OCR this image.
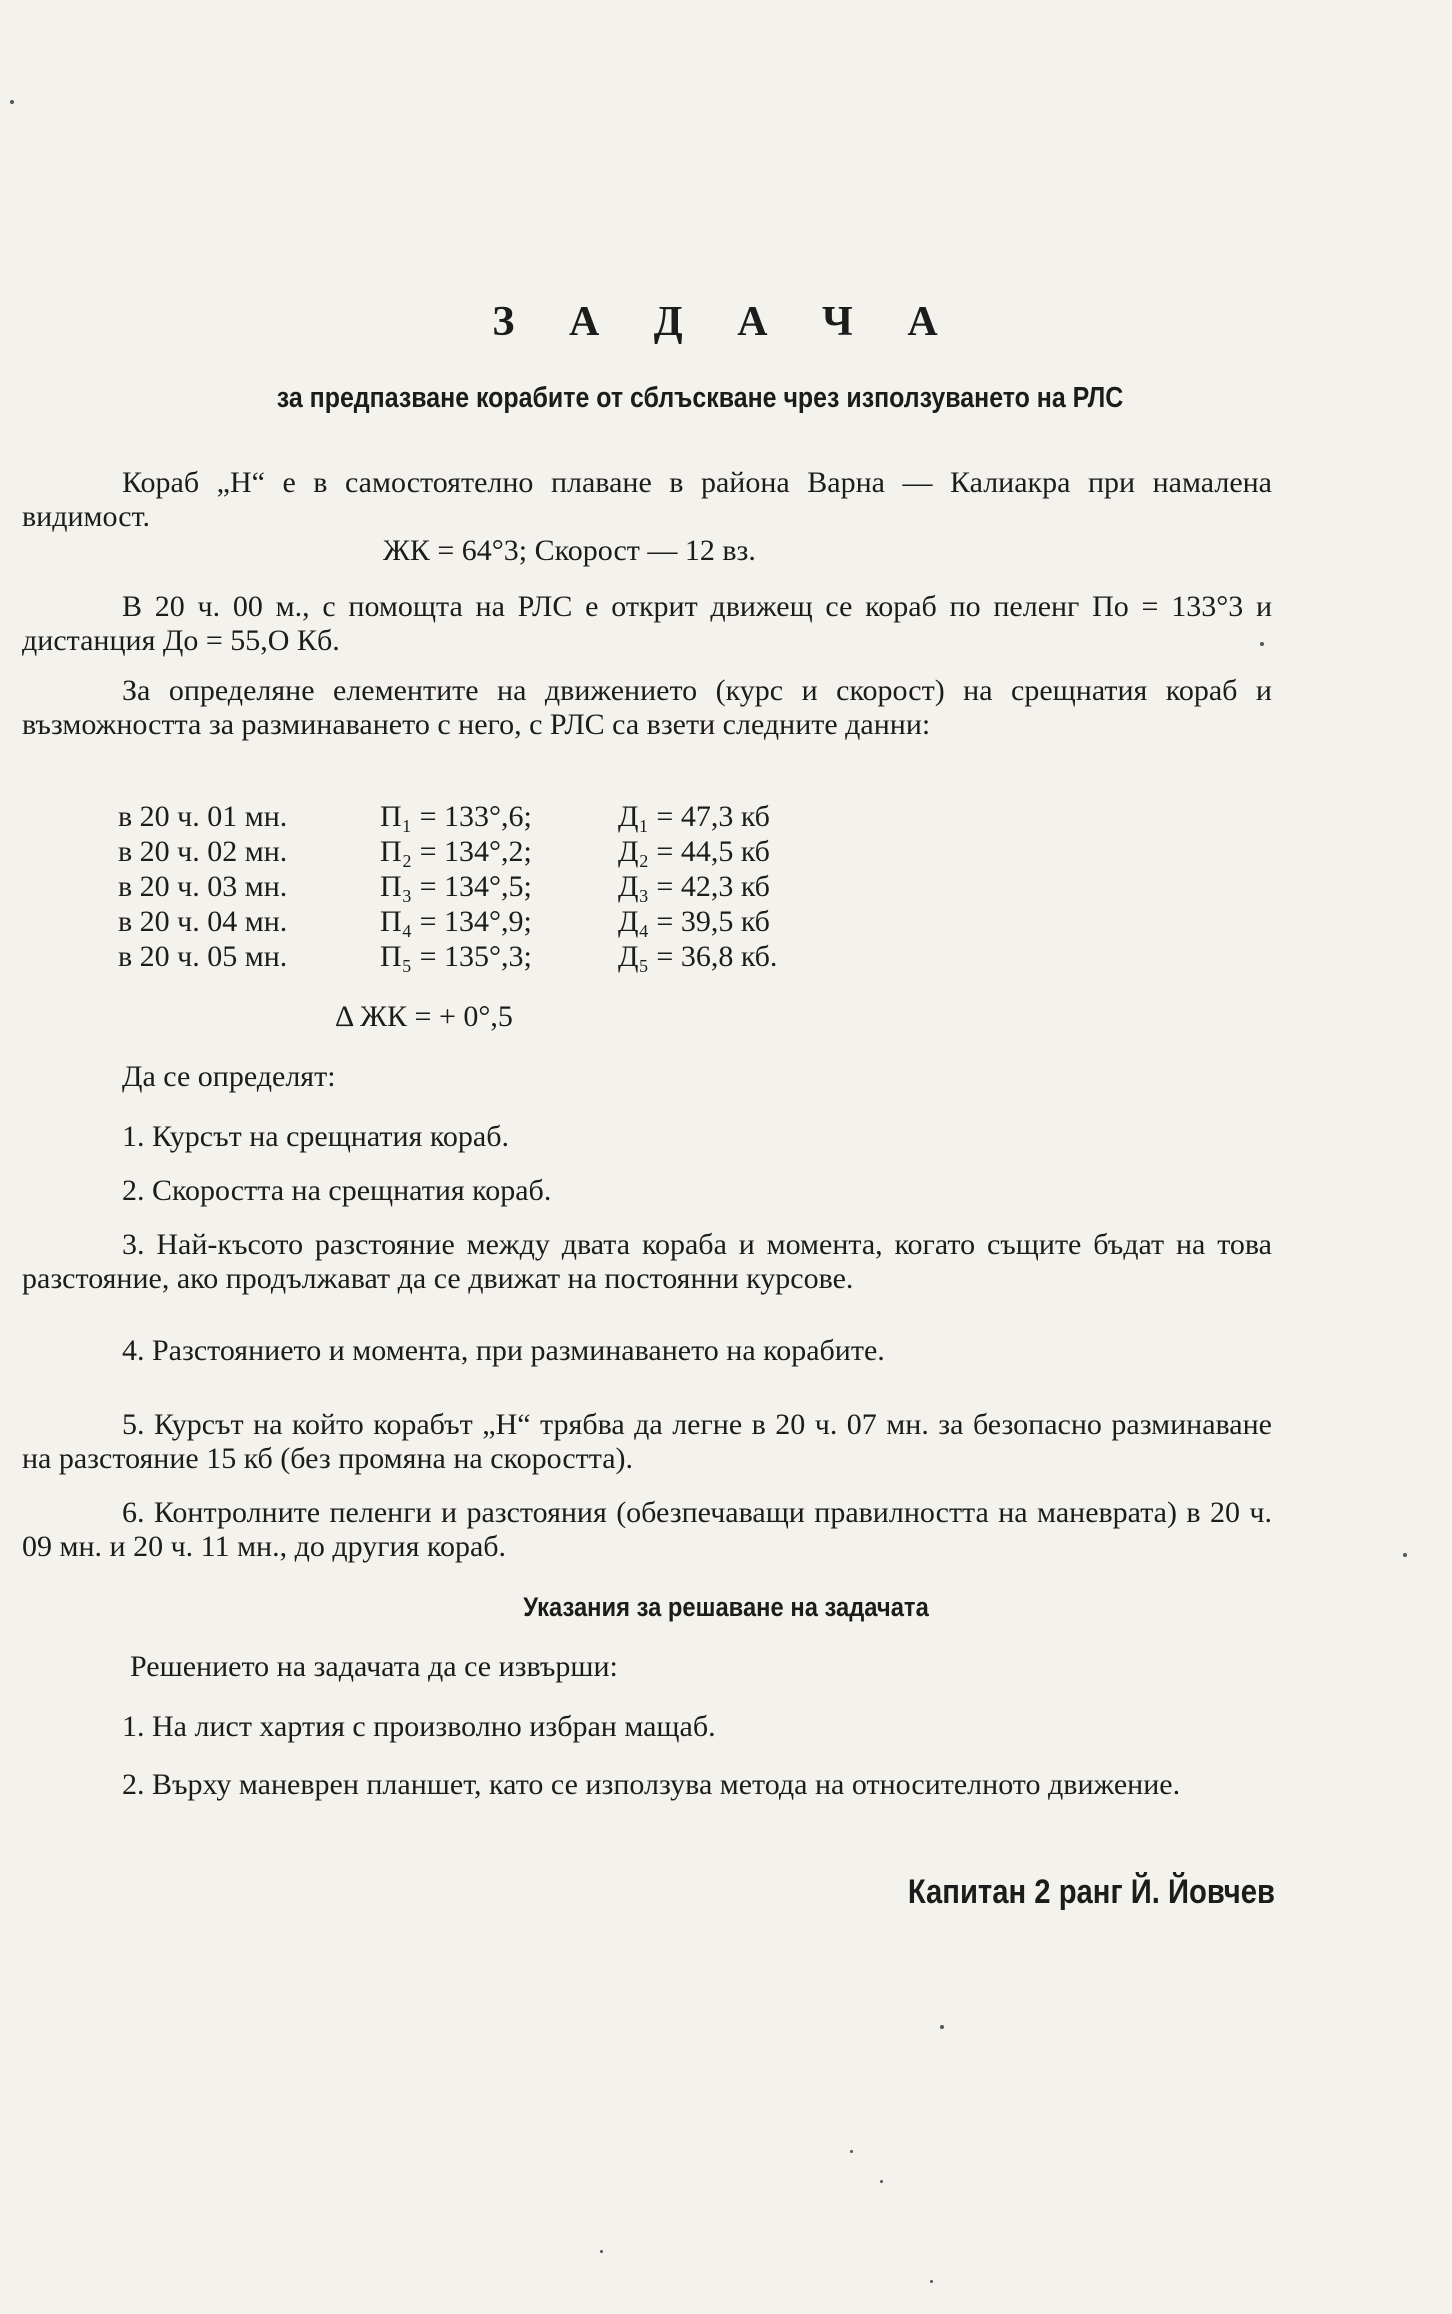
З А Д А Ч А
за предпазване корабите от сблъскване чрез използуването на РЛС

Кораб „Н“ е в самостоятелно плаване в района Варна — Калиакра при намалена видимост.

ЖК = 64°3; Скорост — 12 вз.

В 20 ч. 00 м., с помощта на РЛС е открит движещ се кораб по пеленг По = 133°3 и дистанция До = 55,О Кб.

За определяне елементите на движението (курс и скорост) на срещнатия кораб и възможността за разминаването с него, с РЛС са взети следните данни:

в 20 ч. 01 мн.	П₁ = 133°,6;	Д₁ = 47,3 кб
в 20 ч. 02 мн.	П₂ = 134°,2;	Д₂ = 44,5 кб
в 20 ч. 03 мн.	П₃ = 134°,5;	Д₃ = 42,3 кб
в 20 ч. 04 мн.	П₄ = 134°,9;	Д₄ = 39,5 кб
в 20 ч. 05 мн.	П₅ = 135°,3;	Д₅ = 36,8 кб.
Δ ЖК = + 0°,5
Да се определят:

1. Курсът на срещнатия кораб.

2. Скоростта на срещнатия кораб.

3. Най-късото разстояние между двата кораба и момента, когато същите бъдат на това разстояние, ако продължават да се движат на постоянни курсове.

4. Разстоянието и момента, при разминаването на корабите.

5. Курсът на който корабът „Н“ трябва да легне в 20 ч. 07 мн. за безопасно разминаване на разстояние 15 кб (без промяна на скоростта).

6. Контролните пеленги и разстояния (обезпечаващи правилността на маневрата) в 20 ч. 09 мн. и 20 ч. 11 мн., до другия кораб.

Указания за решаване на задачата

Решението на задачата да се извърши:

1. На лист хартия с произволно избран мащаб.

2. Върху маневрен планшет, като се използува метода на относителното движение.

Капитан 2 ранг Й. Йовчев
